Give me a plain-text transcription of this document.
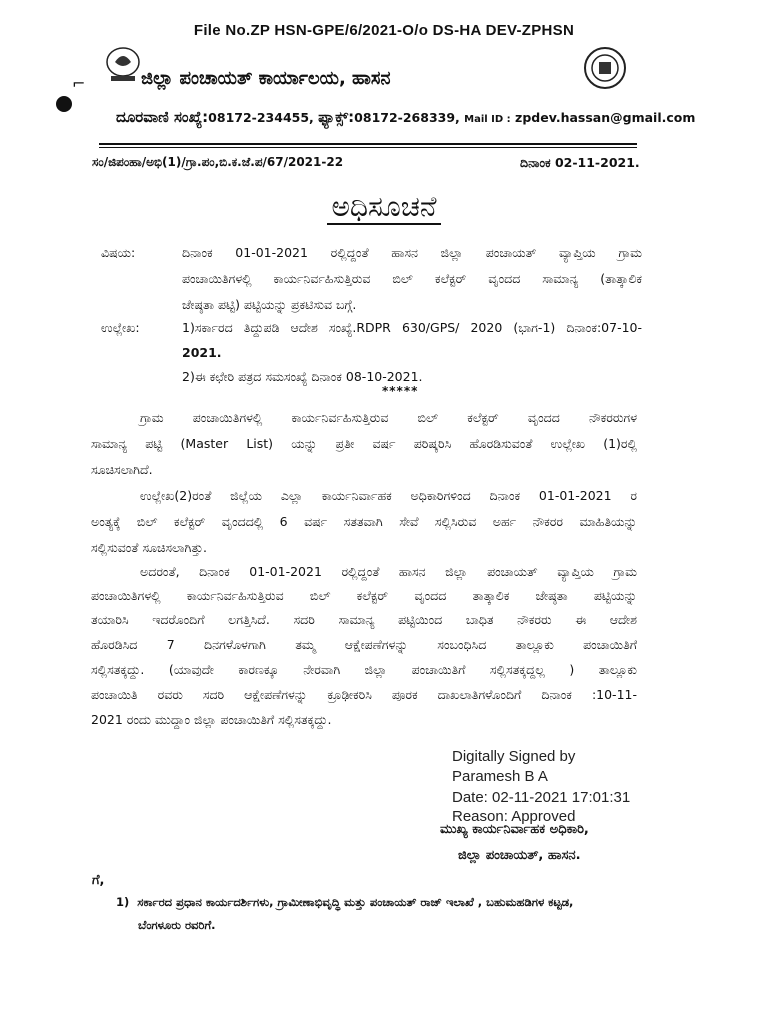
File No.ZP HSN-GPE/6/2021-O/o DS-HA DEV-ZPHSN
⌐	ಜಿಲ್ಲಾ ಪಂಚಾಯತ್ ಕಾರ್ಯಾಲಯ, ಹಾಸನ
ದೂರವಾಣಿ ಸಂಖ್ಯೆ:08172-234455, ಫ್ಯಾಕ್ಸ್:08172-268339, Mail ID : zpdev.hassan@gmail.com
ಸಂ/ಜಿಪಂಹಾ/ಅಭಿ(1)/ಗ್ರಾ.ಪಂ,ಬಿ.ಕ.ಜೆ.ಪ/67/2021-22	ದಿನಾಂಕ 02-11-2021.
ಅಧಿಸೂಚನೆ
ವಿಷಯ:	ದಿನಾಂಕ 01-01-2021 ರಲ್ಲಿದ್ದಂತೆ ಹಾಸನ ಜಿಲ್ಲಾ ಪಂಚಾಯತ್ ವ್ಯಾಪ್ತಿಯ ಗ್ರಾಮ
ಪಂಚಾಯಿತಿಗಳಲ್ಲಿ ಕಾರ್ಯನಿರ್ವಹಿಸುತ್ತಿರುವ ಬಿಲ್ ಕಲೆಕ್ಟರ್ ವೃಂದದ ಸಾಮಾನ್ಯ (ತಾತ್ಕಾಲಿಕ
ಜೇಷ್ಠತಾ ಪಟ್ಟಿ) ಪಟ್ಟಿಯನ್ನು ಪ್ರಕಟಿಸುವ ಬಗ್ಗೆ.
ಉಲ್ಲೇಖ:	1)ಸರ್ಕಾರದ ತಿದ್ದುಪಡಿ ಆದೇಶ ಸಂಖ್ಯೆ.RDPR 630/GPS/ 2020 (ಭಾಗ-1) ದಿನಾಂಕ:07-10-
2021.
2)ಈ ಕಛೇರಿ ಪತ್ರದ ಸಮಸಂಖ್ಯೆ ದಿನಾಂಕ 08-10-2021.
*****
ಗ್ರಾಮ ಪಂಚಾಯಿತಿಗಳಲ್ಲಿ ಕಾರ್ಯನಿರ್ವಹಿಸುತ್ತಿರುವ ಬಿಲ್ ಕಲೆಕ್ಟರ್ ವೃಂದದ ನೌಕರರುಗಳ
ಸಾಮಾನ್ಯ ಪಟ್ಟಿ (Master List) ಯನ್ನು ಪ್ರತೀ ವರ್ಷ ಪರಿಷ್ಕರಿಸಿ ಹೊರಡಿಸುವಂತೆ ಉಲ್ಲೇಖ (1)ರಲ್ಲಿ
ಸೂಚಿಸಲಾಗಿದೆ.
ಉಲ್ಲೇಖ(2)ರಂತೆ ಜಿಲ್ಲೆಯ ಎಲ್ಲಾ ಕಾರ್ಯನಿರ್ವಾಹಕ ಅಧಿಕಾರಿಗಳಿಂದ ದಿನಾಂಕ 01-01-2021 ರ
ಅಂತ್ಯಕ್ಕೆ ಬಿಲ್ ಕಲೆಕ್ಟರ್ ವೃಂದದಲ್ಲಿ 6 ವರ್ಷ ಸತತವಾಗಿ ಸೇವೆ ಸಲ್ಲಿಸಿರುವ ಅರ್ಹ ನೌಕರರ ಮಾಹಿತಿಯನ್ನು
ಸಲ್ಲಿಸುವಂತೆ ಸೂಚಿಸಲಾಗಿತ್ತು.
ಅದರಂತೆ, ದಿನಾಂಕ 01-01-2021 ರಲ್ಲಿದ್ದಂತೆ ಹಾಸನ ಜಿಲ್ಲಾ ಪಂಚಾಯತ್ ವ್ಯಾಪ್ತಿಯ ಗ್ರಾಮ
ಪಂಚಾಯಿತಿಗಳಲ್ಲಿ ಕಾರ್ಯನಿರ್ವಹಿಸುತ್ತಿರುವ ಬಿಲ್ ಕಲೆಕ್ಟರ್ ವೃಂದದ ತಾತ್ಕಾಲಿಕ ಜೇಷ್ಠತಾ ಪಟ್ಟಿಯನ್ನು
ತಯಾರಿಸಿ ಇದರೊಂದಿಗೆ ಲಗತ್ತಿಸಿದೆ. ಸದರಿ ಸಾಮಾನ್ಯ ಪಟ್ಟಿಯಿಂದ ಬಾಧಿತ ನೌಕರರು ಈ ಆದೇಶ
ಹೊರಡಿಸಿದ 7 ದಿನಗಳೊಳಗಾಗಿ ತಮ್ಮ ಆಕ್ಷೇಪಣೆಗಳನ್ನು ಸಂಬಂಧಿಸಿದ ತಾಲ್ಲೂಕು ಪಂಚಾಯಿತಿಗೆ
ಸಲ್ಲಿಸತಕ್ಕದ್ದು. (ಯಾವುದೇ ಕಾರಣಕ್ಕೂ ನೇರವಾಗಿ ಜಿಲ್ಲಾ ಪಂಚಾಯಿತಿಗೆ ಸಲ್ಲಿಸತಕ್ಕದ್ದಲ್ಲ ) ತಾಲ್ಲೂಕು
ಪಂಚಾಯಿತಿ ರವರು ಸದರಿ ಆಕ್ಷೇಪಣೆಗಳನ್ನು ಕ್ರೂಢೀಕರಿಸಿ ಪೂರಕ ದಾಖಲಾತಿಗಳೊಂದಿಗೆ ದಿನಾಂಕ :10-11-
2021 ರಂದು ಮುದ್ದಾಂ ಜಿಲ್ಲಾ ಪಂಚಾಯಿತಿಗೆ ಸಲ್ಲಿಸತಕ್ಕದ್ದು.
Digitally Signed by
Paramesh B A
Date: 02-11-2021 17:01:31
Reason: Approved
ಮುಖ್ಯ ಕಾರ್ಯನಿರ್ವಾಹಕ ಅಧಿಕಾರಿ,
ಜಿಲ್ಲಾ ಪಂಚಾಯತ್, ಹಾಸನ.
ಗೆ,
1) ಸರ್ಕಾರದ ಪ್ರಧಾನ ಕಾರ್ಯದರ್ಶಿಗಳು, ಗ್ರಾಮೀಣಾಭಿವೃದ್ಧಿ ಮತ್ತು ಪಂಚಾಯತ್ ರಾಜ್ ಇಲಾಖೆ , ಬಹುಮಹಡಿಗಳ ಕಟ್ಟಡ,
ಬೆಂಗಳೂರು ರವರಿಗೆ.
